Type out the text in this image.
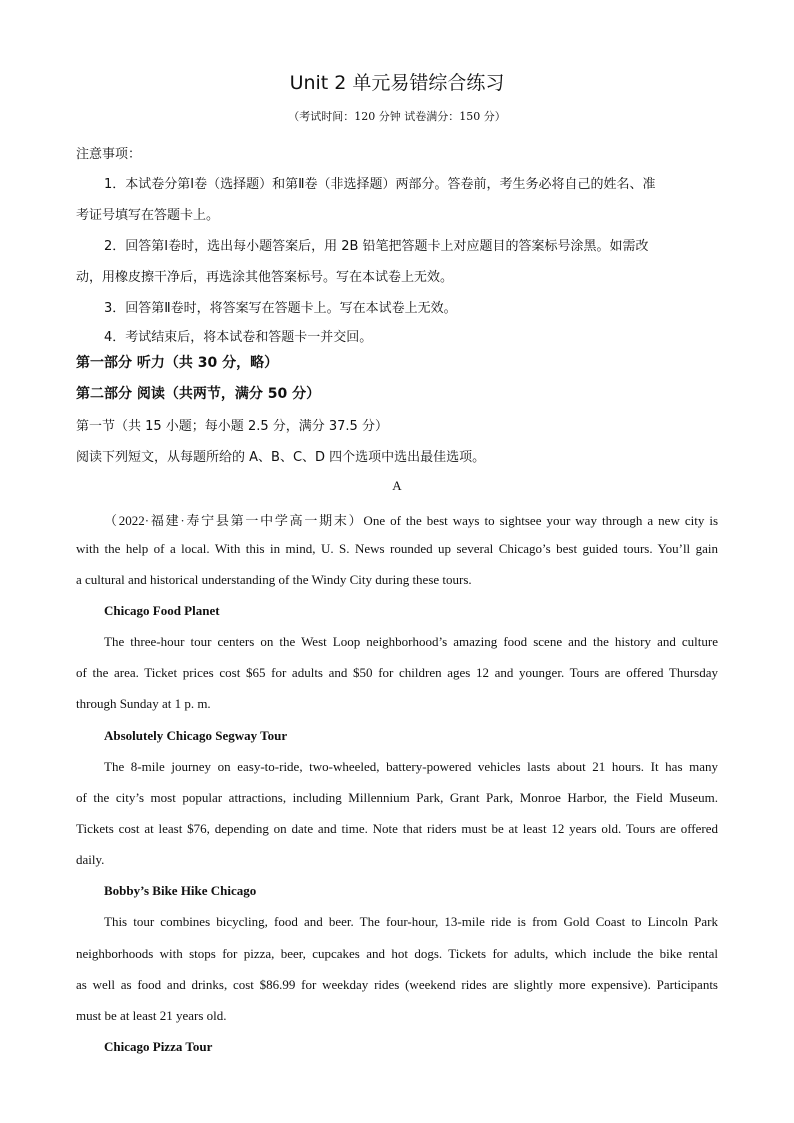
Unit 2 单元易错综合练习
（考试时间：120 分钟 试卷满分：150 分）
注意事项：
1．本试卷分第Ⅰ卷（选择题）和第Ⅱ卷（非选择题）两部分。答卷前，考生务必将自己的姓名、准
考证号填写在答题卡上。
2．回答第Ⅰ卷时，选出每小题答案后，用 2B 铅笔把答题卡上对应题目的答案标号涂黑。如需改
动，用橡皮擦干净后，再选涂其他答案标号。写在本试卷上无效。
3．回答第Ⅱ卷时，将答案写在答题卡上。写在本试卷上无效。
4．考试结束后，将本试卷和答题卡一并交回。
第一部分 听力（共 30 分，略）
第二部分 阅读（共两节，满分 50 分）
第一节（共 15 小题；每小题 2.5 分，满分 37.5 分）
阅读下列短文，从每题所给的 A、B、C、D 四个选项中选出最佳选项。
A
（2022·福建·寿宁县第一中学高一期末）One of the best ways to sightsee your way through a new city is
with the help of a local. With this in mind, U. S. News rounded up several Chicago’s best guided tours. You’ll gain
a cultural and historical understanding of the Windy City during these tours.
Chicago Food Planet
The three-hour tour centers on the West Loop neighborhood’s amazing food scene and the history and culture
of the area. Ticket prices cost $65 for adults and $50 for children ages 12 and younger. Tours are offered Thursday
through Sunday at 1 p. m.
Absolutely Chicago Segway Tour
The 8-mile journey on easy-to-ride, two-wheeled, battery-powered vehicles lasts about 21 hours. It has many
of the city’s most popular attractions, including Millennium Park, Grant Park, Monroe Harbor, the Field Museum.
Tickets cost at least $76, depending on date and time. Note that riders must be at least 12 years old. Tours are offered
daily.
Bobby’s Bike Hike Chicago
This tour combines bicycling, food and beer. The four-hour, 13-mile ride is from Gold Coast to Lincoln Park
neighborhoods with stops for pizza, beer, cupcakes and hot dogs. Tickets for adults, which include the bike rental
as well as food and drinks, cost $86.99 for weekday rides (weekend rides are slightly more expensive). Participants
must be at least 21 years old.
Chicago Pizza Tour
